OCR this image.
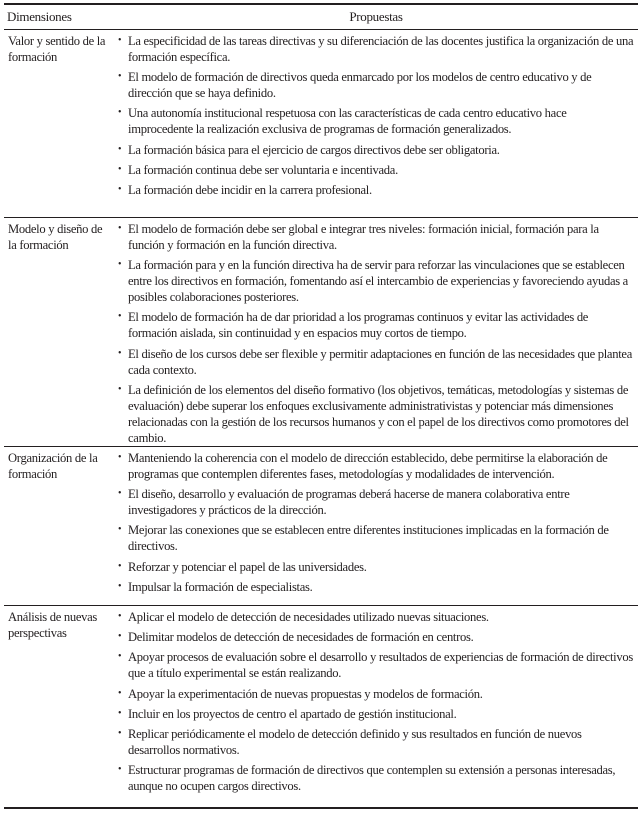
Dimensiones	Propuestas
Valor y sentido de la formación
• La especificidad de las tareas directivas y su diferenciación de las docentes justifica la organización de una formación específica.
• El modelo de formación de directivos queda enmarcado por los modelos de centro educativo y de dirección que se haya definido.
• Una autonomía institucional respetuosa con las características de cada centro educativo hace improcedente la realización exclusiva de programas de formación generalizados.
• La formación básica para el ejercicio de cargos directivos debe ser obligatoria.
• La formación continua debe ser voluntaria e incentivada.
• La formación debe incidir en la carrera profesional.
Modelo y diseño de la formación
• El modelo de formación debe ser global e integrar tres niveles: formación inicial, formación para la función y formación en la función directiva.
• La formación para y en la función directiva ha de servir para reforzar las vinculaciones que se establecen entre los directivos en formación, fomentando así el intercambio de experiencias y favoreciendo ayudas a posibles colaboraciones posteriores.
• El modelo de formación ha de dar prioridad a los programas continuos y evitar las actividades de formación aislada, sin continuidad y en espacios muy cortos de tiempo.
• El diseño de los cursos debe ser flexible y permitir adaptaciones en función de las necesidades que plantea cada contexto.
• La definición de los elementos del diseño formativo (los objetivos, temáticas, metodologías y sistemas de evaluación) debe superar los enfoques exclusivamente administrativistas y potenciar más dimensiones relacionadas con la gestión de los recursos humanos y con el papel de los directivos como promotores del cambio.
Organización de la formación
• Manteniendo la coherencia con el modelo de dirección establecido, debe permitirse la elaboración de programas que contemplen diferentes fases, metodologías y modalidades de intervención.
• El diseño, desarrollo y evaluación de programas deberá hacerse de manera colaborativa entre investigadores y prácticos de la dirección.
• Mejorar las conexiones que se establecen entre diferentes instituciones implicadas en la formación de directivos.
• Reforzar y potenciar el papel de las universidades.
• Impulsar la formación de especialistas.
Análisis de nuevas perspectivas
• Aplicar el modelo de detección de necesidades utilizado nuevas situaciones.
• Delimitar modelos de detección de necesidades de formación en centros.
• Apoyar procesos de evaluación sobre el desarrollo y resultados de experiencias de formación de directivos que a título experimental se están realizando.
• Apoyar la experimentación de nuevas propuestas y modelos de formación.
• Incluir en los proyectos de centro el apartado de gestión institucional.
• Replicar periódicamente el modelo de detección definido y sus resultados en función de nuevos desarrollos normativos.
• Estructurar programas de formación de directivos que contemplen su extensión a personas interesadas, aunque no ocupen cargos directivos.
